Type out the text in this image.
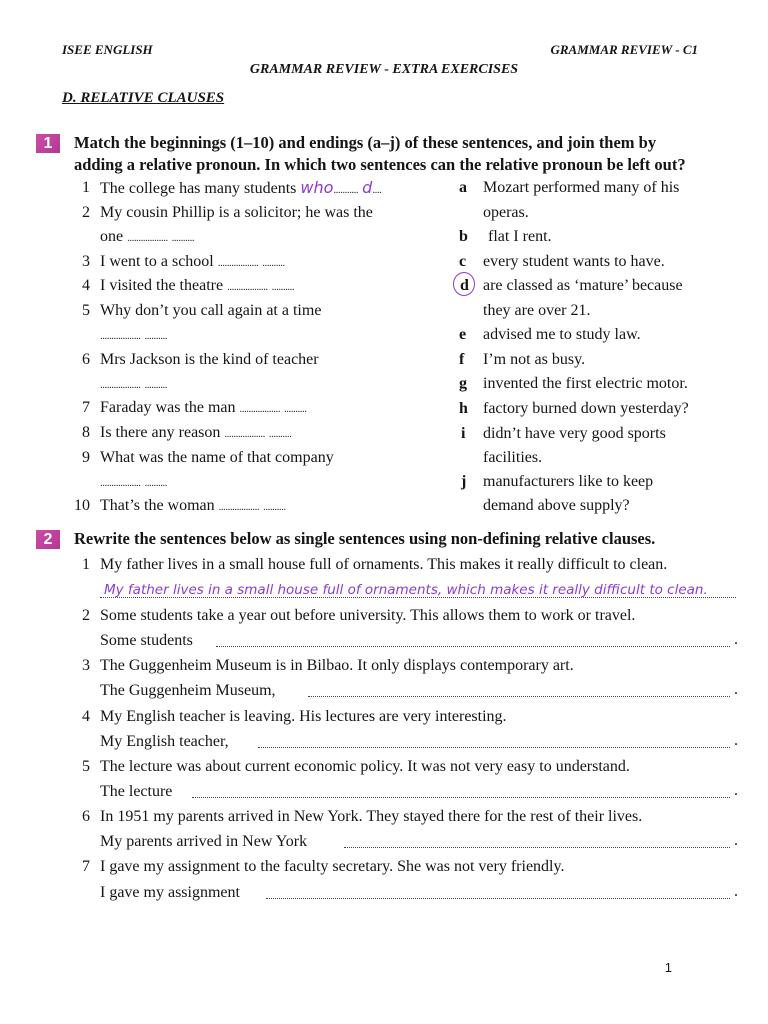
ISEE ENGLISH	GRAMMAR REVIEW - C1
GRAMMAR REVIEW - EXTRA EXERCISES
D. RELATIVE CLAUSES
1	Match the beginnings (1–10) and endings (a–j) of these sentences, and join them by
adding a relative pronoun. In which two sentences can the relative pronoun be left out?
1 The college has many students who........... d....
2 My cousin Phillip is a solicitor; he was the
one .................. ..........
3 I went to a school .................. ..........
4 I visited the theatre .................. ..........
5 Why don’t you call again at a time
.................. ..........
6 Mrs Jackson is the kind of teacher
.................. ..........
7 Faraday was the man .................. ..........
8 Is there any reason .................. ..........
9 What was the name of that company
.................. ..........
10 That’s the woman .................. ..........
a Mozart performed many of his
operas.
b flat I rent.
c every student wants to have.
d are classed as ‘mature’ because
they are over 21.
e advised me to study law.
f I’m not as busy.
g invented the first electric motor.
h factory burned down yesterday?
i didn’t have very good sports
facilities.
j manufacturers like to keep
demand above supply?
2	Rewrite the sentences below as single sentences using non-defining relative clauses.
1 My father lives in a small house full of ornaments. This makes it really difficult to clean.
My father lives in a small house full of ornaments, which makes it really difficult to clean.
2 Some students take a year out before university. This allows them to work or travel.
Some students	.
3 The Guggenheim Museum is in Bilbao. It only displays contemporary art.
The Guggenheim Museum,	.
4 My English teacher is leaving. His lectures are very interesting.
My English teacher,	.
5 The lecture was about current economic policy. It was not very easy to understand.
The lecture	.
6 In 1951 my parents arrived in New York. They stayed there for the rest of their lives.
My parents arrived in New York	.
7 I gave my assignment to the faculty secretary. She was not very friendly.
I gave my assignment	.
1
